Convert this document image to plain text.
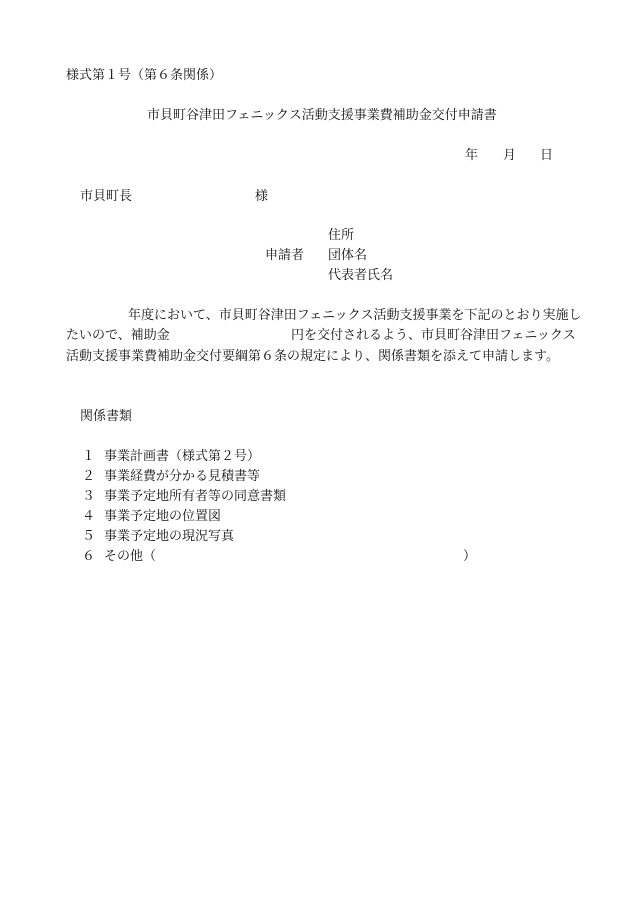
様式第１号（第６条関係）
市貝町谷津田フェニックス活動支援事業費補助金交付申請書
年 月 日
市貝町長	様
住所
申請者 団体名
代表者氏名
年度において、市貝町谷津田フェニックス活動支援事業を下記のとおり実施し
たいので、補助金	円を交付されるよう、市貝町谷津田フェニックス
活動支援事業費補助金交付要綱第６条の規定により、関係書類を添えて申請します。
関係書類
１ 事業計画書（様式第２号）
２ 事業経費が分かる見積書等
３ 事業予定地所有者等の同意書類
４ 事業予定地の位置図
５ 事業予定地の現況写真
６ その他（	）
